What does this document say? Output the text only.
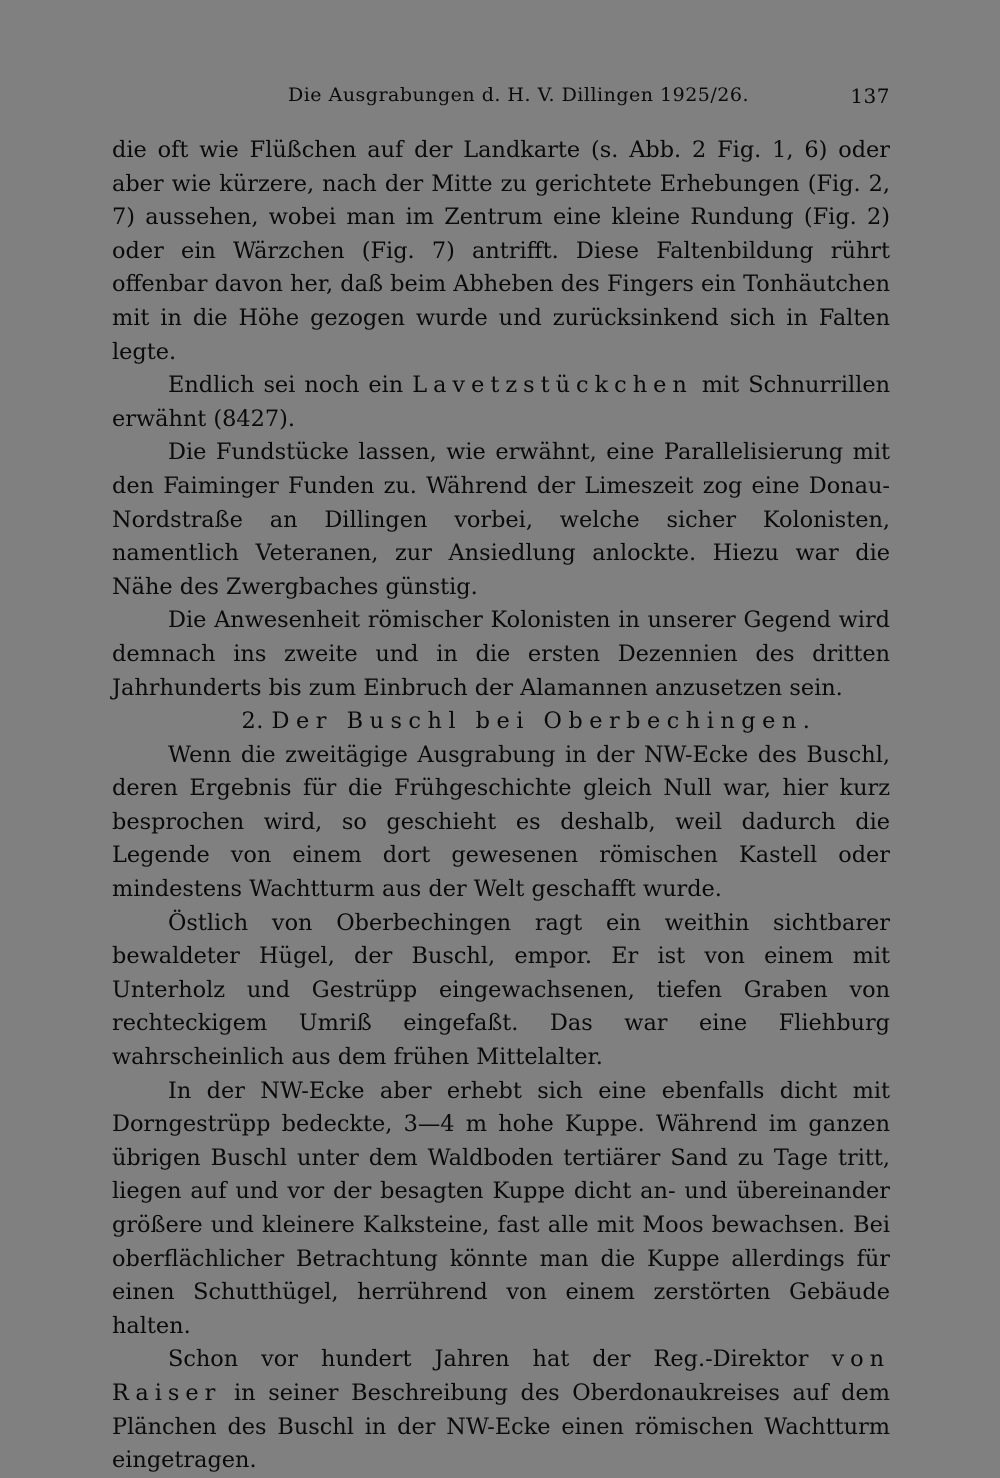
Die Ausgrabungen d. H. V. Dillingen 1925/26.	137

die oft wie Flüßchen auf der Landkarte (s. Abb. 2 Fig. 1, 6) oder aber wie kürzere, nach der Mitte zu gerichtete Erhebungen (Fig. 2, 7) aussehen, wobei man im Zentrum eine kleine Rundung (Fig. 2) oder ein Wärzchen (Fig. 7) antrifft. Diese Faltenbildung rührt offenbar davon her, daß beim Abheben des Fingers ein Tonhäutchen mit in die Höhe gezogen wurde und zurücksinkend sich in Falten legte.

Endlich sei noch ein Lavetzstückchen mit Schnurrillen erwähnt (8427).

Die Fundstücke lassen, wie erwähnt, eine Parallelisierung mit den Faiminger Funden zu. Während der Limeszeit zog eine Donau-Nordstraße an Dillingen vorbei, welche sicher Kolonisten, namentlich Veteranen, zur Ansiedlung anlockte. Hiezu war die Nähe des Zwergbaches günstig.

Die Anwesenheit römischer Kolonisten in unserer Gegend wird demnach ins zweite und in die ersten Dezennien des dritten Jahrhunderts bis zum Einbruch der Alamannen anzusetzen sein.

2. Der Buschl bei Oberbechingen.

Wenn die zweitägige Ausgrabung in der NW-Ecke des Buschl, deren Ergebnis für die Frühgeschichte gleich Null war, hier kurz besprochen wird, so geschieht es deshalb, weil dadurch die Legende von einem dort gewesenen römischen Kastell oder mindestens Wachtturm aus der Welt geschafft wurde.

Östlich von Oberbechingen ragt ein weithin sichtbarer bewaldeter Hügel, der Buschl, empor. Er ist von einem mit Unterholz und Gestrüpp eingewachsenen, tiefen Graben von rechteckigem Umriß eingefaßt. Das war eine Fliehburg wahrscheinlich aus dem frühen Mittelalter.

In der NW-Ecke aber erhebt sich eine ebenfalls dicht mit Dorngestrüpp bedeckte, 3—4 m hohe Kuppe. Während im ganzen übrigen Buschl unter dem Waldboden tertiärer Sand zu Tage tritt, liegen auf und vor der besagten Kuppe dicht an- und übereinander größere und kleinere Kalksteine, fast alle mit Moos bewachsen. Bei oberflächlicher Betrachtung könnte man die Kuppe allerdings für einen Schutthügel, herrührend von einem zerstörten Gebäude halten.

Schon vor hundert Jahren hat der Reg.-Direktor von Raiser in seiner Beschreibung des Oberdonaukreises auf dem Plänchen des Buschl in der NW-Ecke einen römischen Wachtturm eingetragen.
